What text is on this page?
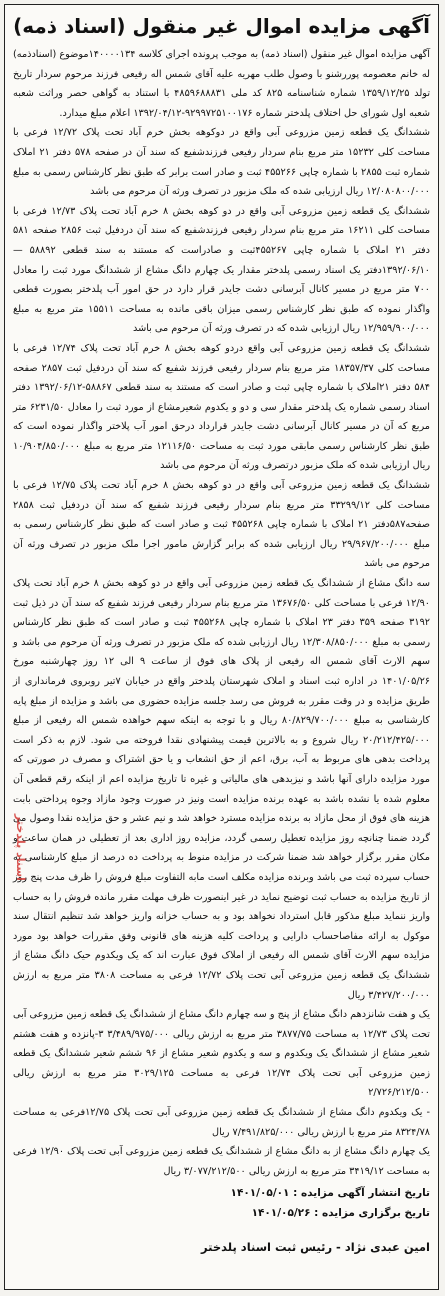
آگهی مزایده اموال غیر منقول (اسناد ذمه)

آگهی مزایده اموال غیر منقول (اسناد ذمه) به موجب پرونده اجرای کلاسه ۱۴۰۰۰۰۱۳۴موضوع (اسنادذمه) له خانم معصومه پوررشنو با وصول طلب مهریه علیه آقای شمس اله رفیعی فرزند مرحوم سردار تاریخ تولد ۱۳۵۹/۱۲/۲۵ شماره شناسنامه ۸۲۵ کد ملی ۴۸۵۹۶۸۸۸۳۱ با استناد به گواهی حصر وراثت شعبه شعبه اول شورای حل اختلاف پلدختر شماره ۹۲۹۹۷۲۵۱۰۰۱۷۶-۱۳۹۲/۰۴/۱۲ اعلام مبلغ میدارد.

ششدانگ یک قطعه زمین مزروعی آبی واقع در دوکوهه بخش خرم آباد تحت پلاک ۱۲/۷۲ فرعی با مساحت کلی ۱۵۲۳۲ متر مربع بنام سردار رفیعی فرزندشفیع که سند آن در صفحه ۵۷۸ دفتر ۲۱ املاک شماره ثبت ۲۸۵۵ با شماره چاپی ۴۵۵۲۶۶ ثبت و صادر است برابر که طبق نظر کارشناس رسمی به مبلغ ۱۲/۰۸۰۸۰۰/۰۰۰ ریال ارزیابی شده که ملک مزبور در تصرف ورثه آن مرحوم می باشد

ششدانگ یک قطعه زمین مزروعی آبی واقع در دو کوهه بخش ۸ خرم آباد تحت پلاک ۱۲/۷۳ فرعی با مساحت کلی ۱۶۲۱۱ متر مربع بنام سردار رفیعی فرزندشفیع که سند آن دردفیل ثبت ۲۸۵۶ صفحه ۵۸۱ دفتر ۲۱ املاک با شماره چاپی ۴۵۵۲۶۷ثبت و صادراست که مستند به سند قطعی ۵۸۸۹۲ —۱۳۹۲/۰۶/۱۰دفتر یک اسناد رسمی پلدختر مقدار یک چهارم دانگ مشاع از ششدانگ مورد ثبت را معادل ۷۰۰ متر مربع در مسیر کانال آبرسانی دشت جایدر قرار دارد در حق امور آب پلدختر بصورت قطعی واگذار نموده که طبق نظر کارشناس رسمی میزان باقی مانده به مساحت ۱۵۵۱۱ متر مربع به مبلغ ۱۲/۹۵۹/۹۰۰/۰۰۰ ریال ارزیابی شده که در تصرف ورثه آن مرحوم می باشد

ششدانگ یک قطعه زمین مزروعی آبی واقع دردو کوهه بخش ۸ خرم آباد تحت پلاک ۱۲/۷۴ فرعی با مساحت کلی ۱۸۳۵۷/۳۷ متر مربع بنام سردار رفیعی فرزند شفیع که سند آن دردفیل ثبت ۲۸۵۷ صفحه ۵۸۴ دفتر ۲۱املاک با شماره چاپی ثبت و صادر است که مستند به سند قطعی ۵۸۸۶۷-۱۳۹۲/۰۶/۱۲ دفتر اسناد رسمی شماره یک پلدختر مقدار سی و دو و یکدوم شعیرمشاع از مورد ثبت را معادل ۶۲۳۱/۵۰ متر مربع که آن در مسیر کانال آبرسانی دشت جایدر قرارداد درحق امور آب پلاختر واگذار نموده است که طبق نظر کارشناس رسمی مابقی مورد ثبت به مساحت ۱۲۱۱۶/۵۰ متر مربع به مبلغ ۱۰/۹۰۴/۸۵۰/۰۰۰ ریال ارزیابی شده که ملک مزبور درتصرف ورثه آن مرحوم می باشد

ششدانگ یک قطعه زمین مزروعی آبی واقع در دو کوهه بخش ۸ خرم آباد تحت پلاک ۱۲/۷۵ فرعی با مساحت کلی ۳۳۲۹۹/۱۲ متر مربع بنام سردار رفیعی فرزند شفیع که سند آن دردفیل ثبت ۲۸۵۸ صفحه۵۸۷دفتر ۲۱ املاک با شماره چاپی ۴۵۵۲۶۸ ثبت و صادر است که طبق نظر کارشناس رسمی به مبلغ ۲۹/۹۶۷/۲۰۰/۰۰۰ ریال ارزیابی شده که برابر گزارش مامور اجرا ملک مزبور در تصرف ورثه آن مرحوم می باشد

سه دانگ مشاع از ششدانگ یک قطعه زمین مزروعی آبی واقع در دو کوهه بخش ۸ خرم آباد تحت پلاک ۱۲/۹۰ فرعی با مساحت کلی ۱۳۶۷۶/۵۰ متر مربع بنام سردار رفیعی فرزند شفیع که سند آن در ذیل ثبت ۳۱۹۲ صفحه ۳۵۹ دفتر ۲۳ املاک با شماره چاپی ۴۵۵۲۶۸ ثبت و صادر است که طبق نظر کارشناس رسمی به مبلغ ۱۲/۳۰۸/۸۵۰/۰۰۰ ریال ارزیابی شده که ملک مزبور در تصرف ورثه آن مرحوم می باشد و سهم الارث آقای شمس اله رفیعی از پلاک های فوق از ساعت ۹ الی ۱۲ روز چهارشنبه مورخ ۱۴۰۱/۰۵/۲۶ در اداره ثبت اسناد و املاک شهرستان پلدختر واقع در خیابان ۷تیر روبروی فرمانداری از طریق مزایده و در وقت مقرر به فروش می رسد جلسه مزایده حضوری می باشد و مزایده از مبلغ پایه کارشناسی به مبلغ ۸۰/۸۲۹/۷۰۰/۰۰۰ ریال و با توجه به اینکه سهم خواهده شمس اله رفیعی از مبلغ ۲۰/۲۱۲/۴۲۵/۰۰۰ ریال شروع و به بالاترین قیمت پیشنهادی نقدا فروخته می شود. لازم به ذکر است پرداخت بدهی های مربوط به آب، برق، اعم از حق انشعاب و یا حق اشتراک و مصرف در صورتی که مورد مزایده دارای آنها باشد و نیزبدهی های مالیاتی و غیره تا تاریخ مزایده اعم از اینکه رقم قطعی آن معلوم شده یا نشده باشد به عهده برنده مزایده است ونیز در صورت وجود مازاد وجوه پرداختی بابت هزینه های فوق از محل مازاد به برنده مزایده مسترد خواهد شد و نیم عشر و حق مزایده نقدا وصول می گردد ضمنا چنانچه روز مزایده تعطیل رسمی گردد، مزایده روز اداری بعد از تعطیلی در همان ساعت و مکان مقرر برگزار خواهد شد ضمنا شرکت در مزایده منوط به پرداخت ده درصد از مبلغ کارشناسی به حساب سپرده ثبت می باشد وبرنده مزایده مکلف است مابه التفاوت مبلغ فروش را ظرف مدت پنج روز از تاریخ مزایده به حساب ثبت توضیح نماید در غیر اینصورت ظرف مهلت مقرر مانده فروش را به حساب واریز ننماید مبلغ مذکور قابل استرداد نخواهد بود و به حساب خزانه واریز خواهد شد تنظیم انتقال سند موکول به ارائه مفاصاحساب دارایی و پرداخت کلیه هزینه های قانونی وفق مقررات خواهد بود مورد مزایده سهم الارث آقای شمس اله رفیعی از املاک فوق عبارت اند که یک ویکدوم حیک دانگ مشاع از ششدانگ یک قطعه زمین مزروعی آبی تحت پلاک ۱۲/۷۲ فرعی به مساحت ۳۸۰۸ متر مربع به ارزش ۳/۴۲۷/۲۰۰/۰۰۰ ریال

یک و هفت شانزدهم دانگ مشاع از پنج و سه چهارم دانگ مشاع از ششدانگ یک قطعه زمین مزروعی آبی تحت پلاک ۱۲/۷۳ به مساحت ۳۸۷۷/۷۵ متر مربع به ارزش ریالی ۳/۴۸۹/۹۷۵/۰۰۰ ۳-پانزده و هفت هشتم شعیر مشاع از ششدانگ یک ویکدوم و سه و یکدوم شعیر مشاع از ۹۶ ششم شعیر ششدانگ یک قطعه زمین مزروعی آبی تحت پلاک ۱۲/۷۴ فرعی به مساحت ۳۰۲۹/۱۲۵ متر مربع به ارزش ریالی ۲/۷۲۶/۲۱۲/۵۰۰

- یک ویکدوم دانگ مشاع از ششدانگ یک قطعه زمین مزروعی آبی تحت پلاک ۱۲/۷۵فرعی به مساحت ۸۳۲۴/۷۸ متر مربع با ارزش ریالی ۷/۴۹۱/۸۲۵/۰۰۰ ریال

یک چهارم دانگ مشاع از به دانگ مشاع از ششدانگ یک قطعه زمین مزروعی آبی تحت پلاک ۱۲/۹۰ فرعی به مساحت ۳۴۱۹/۱۲ متر مربع به ارزش ریالی ۳/۰۷۷/۲۱۲/۵۰۰ ریال

تاریخ انتشار آگهی مزایده : ۱۴۰۱/۰۵/۰۱
تاریخ برگزاری مزایده : ۱۴۰۱/۰۵/۲۶
امین عبدی نژاد - رئیس ثبت اسناد پلدختر
اسناد پلدختر
